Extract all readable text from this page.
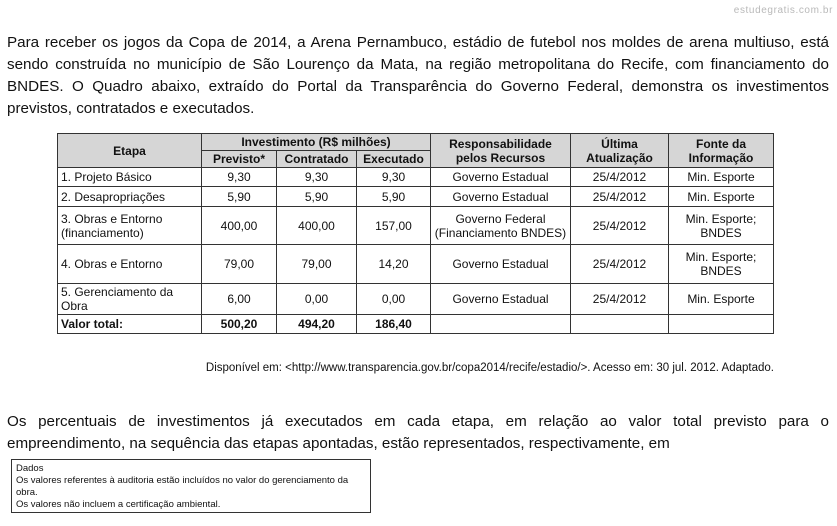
estudegratis.com.br

Para receber os jogos da Copa de 2014, a Arena Pernambuco, estádio de futebol nos moldes de arena multiuso, está sendo construída no município de São Lourenço da Mata, na região metropolitana do Recife, com financiamento do BNDES. O Quadro abaixo, extraído do Portal da Transparência do Governo Federal, demonstra os investimentos previstos, contratados e executados.

Etapa	Investimento (R$ milhões)			Responsabilidade pelos Recursos	Última Atualização	Fonte da Informação
	Previsto*	Contratado	Executado			
1. Projeto Básico	9,30	9,30	9,30	Governo Estadual	25/4/2012	Min. Esporte
2. Desapropriações	5,90	5,90	5,90	Governo Estadual	25/4/2012	Min. Esporte
3. Obras e Entorno (financiamento)	400,00	400,00	157,00	Governo Federal (Financiamento BNDES)	25/4/2012	Min. Esporte; BNDES
4. Obras e Entorno	79,00	79,00	14,20	Governo Estadual	25/4/2012	Min. Esporte; BNDES
5. Gerenciamento da Obra	6,00	0,00	0,00	Governo Estadual	25/4/2012	Min. Esporte
Valor total:	500,20	494,20	186,40			
Disponível em: <http://www.transparencia.gov.br/copa2014/recife/estadio/>. Acesso em: 30 jul. 2012. Adaptado.

Os percentuais de investimentos já executados em cada etapa, em relação ao valor total previsto para o empreendimento, na sequência das etapas apontadas, estão representados, respectivamente, em

Dados
Os valores referentes à auditoria estão incluídos no valor do gerenciamento da obra.
Os valores não incluem a certificação ambiental.
